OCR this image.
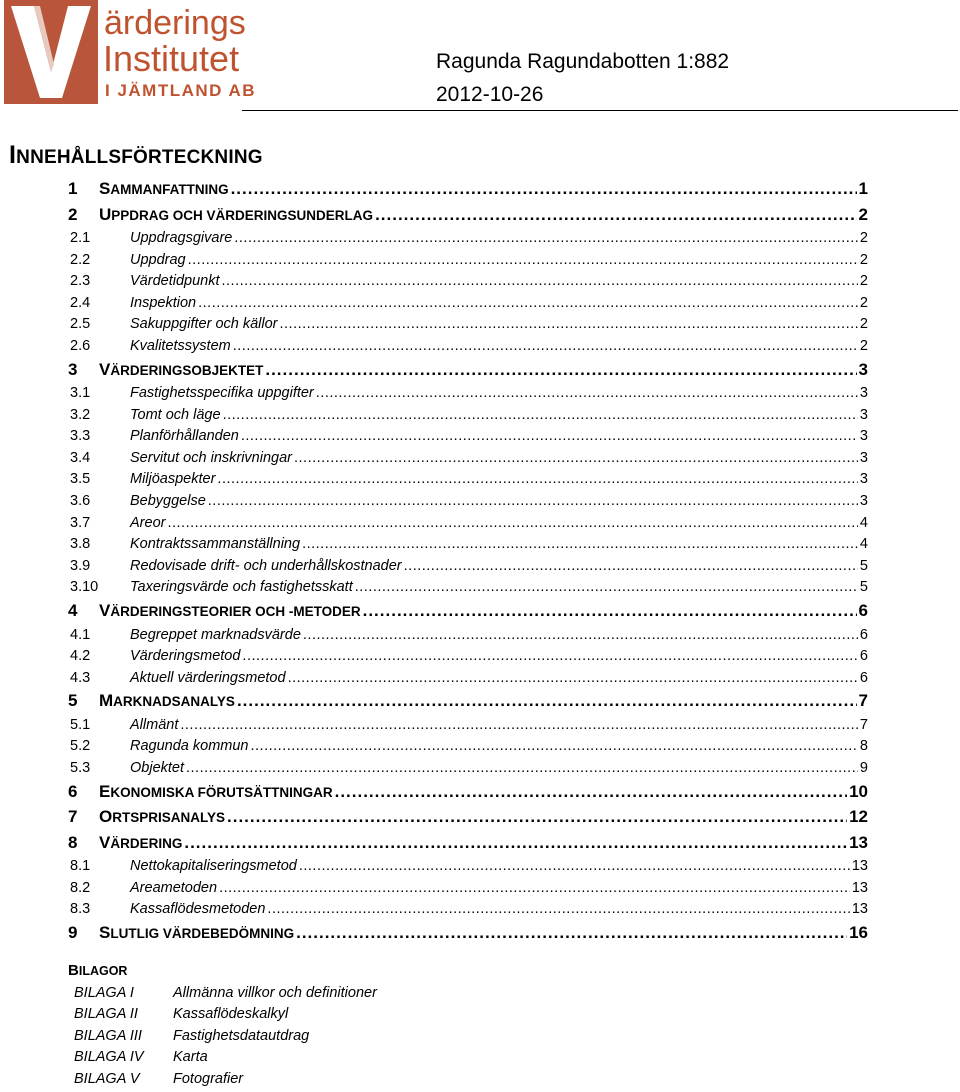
ärderings
Institutet
I JÄMTLAND AB
Ragunda Ragundabotten 1:882
2012-10-26
INNEHÅLLSFÖRTECKNING
1	SAMMANFATTNING .....	1
2	UPPDRAG OCH VÄRDERINGSUNDERLAG .....	2
2.1	Uppdragsgivare .....	2
2.2	Uppdrag .....	2
2.3	Värdetidpunkt .....	2
2.4	Inspektion .....	2
2.5	Sakuppgifter och källor .....	2
2.6	Kvalitetssystem .....	2
3	VÄRDERINGSOBJEKTET .....	3
3.1	Fastighetsspecifika uppgifter .....	3
3.2	Tomt och läge .....	3
3.3	Planförhållanden .....	3
3.4	Servitut och inskrivningar .....	3
3.5	Miljöaspekter .....	3
3.6	Bebyggelse .....	3
3.7	Areor .....	4
3.8	Kontraktssammanställning .....	4
3.9	Redovisade drift- och underhållskostnader .....	5
3.10	Taxeringsvärde och fastighetsskatt .....	5
4	VÄRDERINGSTEORIER OCH -METODER .....	6
4.1	Begreppet marknadsvärde .....	6
4.2	Värderingsmetod .....	6
4.3	Aktuell värderingsmetod .....	6
5	MARKNADSANALYS .....	7
5.1	Allmänt .....	7
5.2	Ragunda kommun .....	8
5.3	Objektet .....	9
6	EKONOMISKA FÖRUTSÄTTNINGAR .....	10
7	ORTSPRISANALYS .....	12
8	VÄRDERING .....	13
8.1	Nettokapitaliseringsmetod .....	13
8.2	Areametoden .....	13
8.3	Kassaflödesmetoden .....	13
9	SLUTLIG VÄRDEBEDÖMNING .....	16
BILAGOR
BILAGA I	Allmänna villkor och definitioner
BILAGA II Kassaflödeskalkyl
BILAGA III Fastighetsdatautdrag
BILAGA IV Karta
BILAGA V Fotografier
